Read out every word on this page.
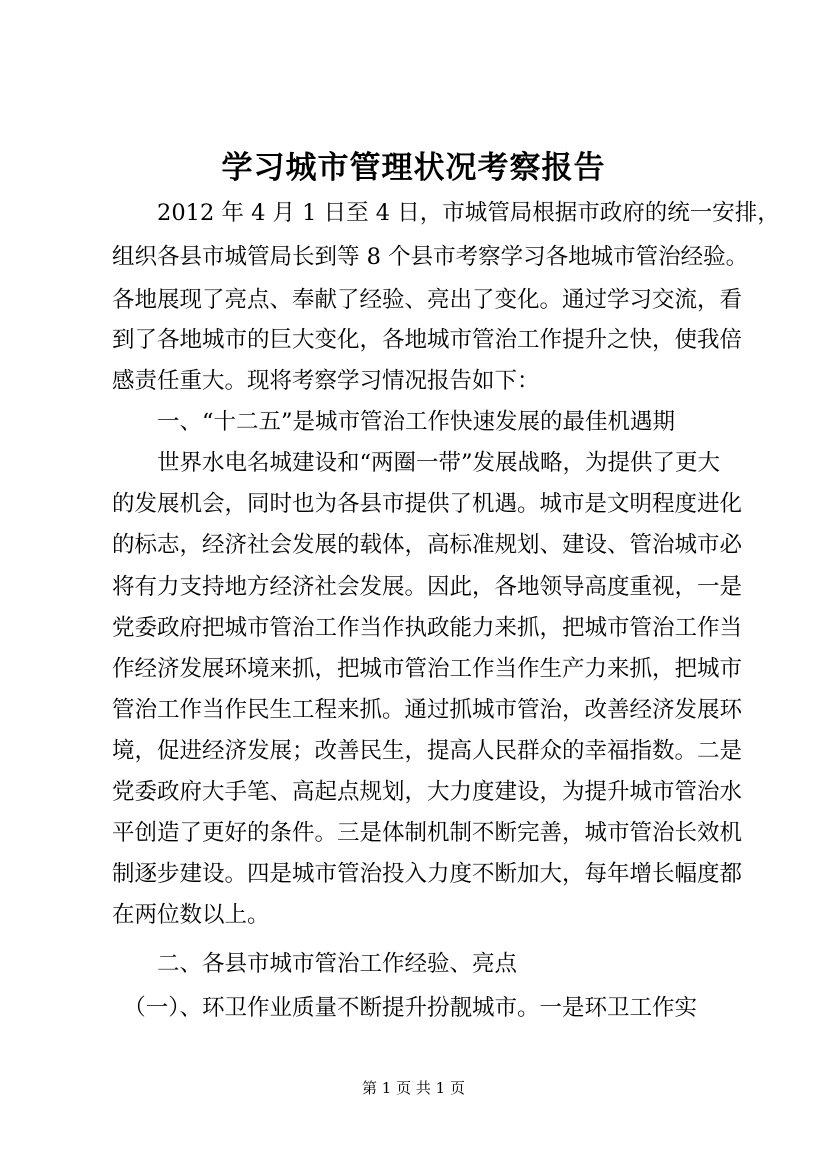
学习城市管理状况考察报告

　　2012 年 4 月 1 日至 4 日，市城管局根据市政府的统一安排，

组织各县市城管局长到等 8 个县市考察学习各地城市管治经验。

各地展现了亮点、奉献了经验、亮出了变化。通过学习交流，看

到了各地城市的巨大变化，各地城市管治工作提升之快，使我倍

感责任重大。现将考察学习情况报告如下：

　　一、“十二五”是城市管治工作快速发展的最佳机遇期

　　世界水电名城建设和“两圈一带”发展战略，为提供了更大

的发展机会，同时也为各县市提供了机遇。城市是文明程度进化

的标志，经济社会发展的载体，高标准规划、建设、管治城市必

将有力支持地方经济社会发展。因此，各地领导高度重视，一是

党委政府把城市管治工作当作执政能力来抓，把城市管治工作当

作经济发展环境来抓，把城市管治工作当作生产力来抓，把城市

管治工作当作民生工程来抓。通过抓城市管治，改善经济发展环

境，促进经济发展；改善民生，提高人民群众的幸福指数。二是

党委政府大手笔、高起点规划，大力度建设，为提升城市管治水

平创造了更好的条件。三是体制机制不断完善，城市管治长效机

制逐步建设。四是城市管治投入力度不断加大，每年增长幅度都

在两位数以上。

　　二、各县市城市管治工作经验、亮点

　（一）、环卫作业质量不断提升扮靓城市。一是环卫工作实

第 1 页 共 1 页
